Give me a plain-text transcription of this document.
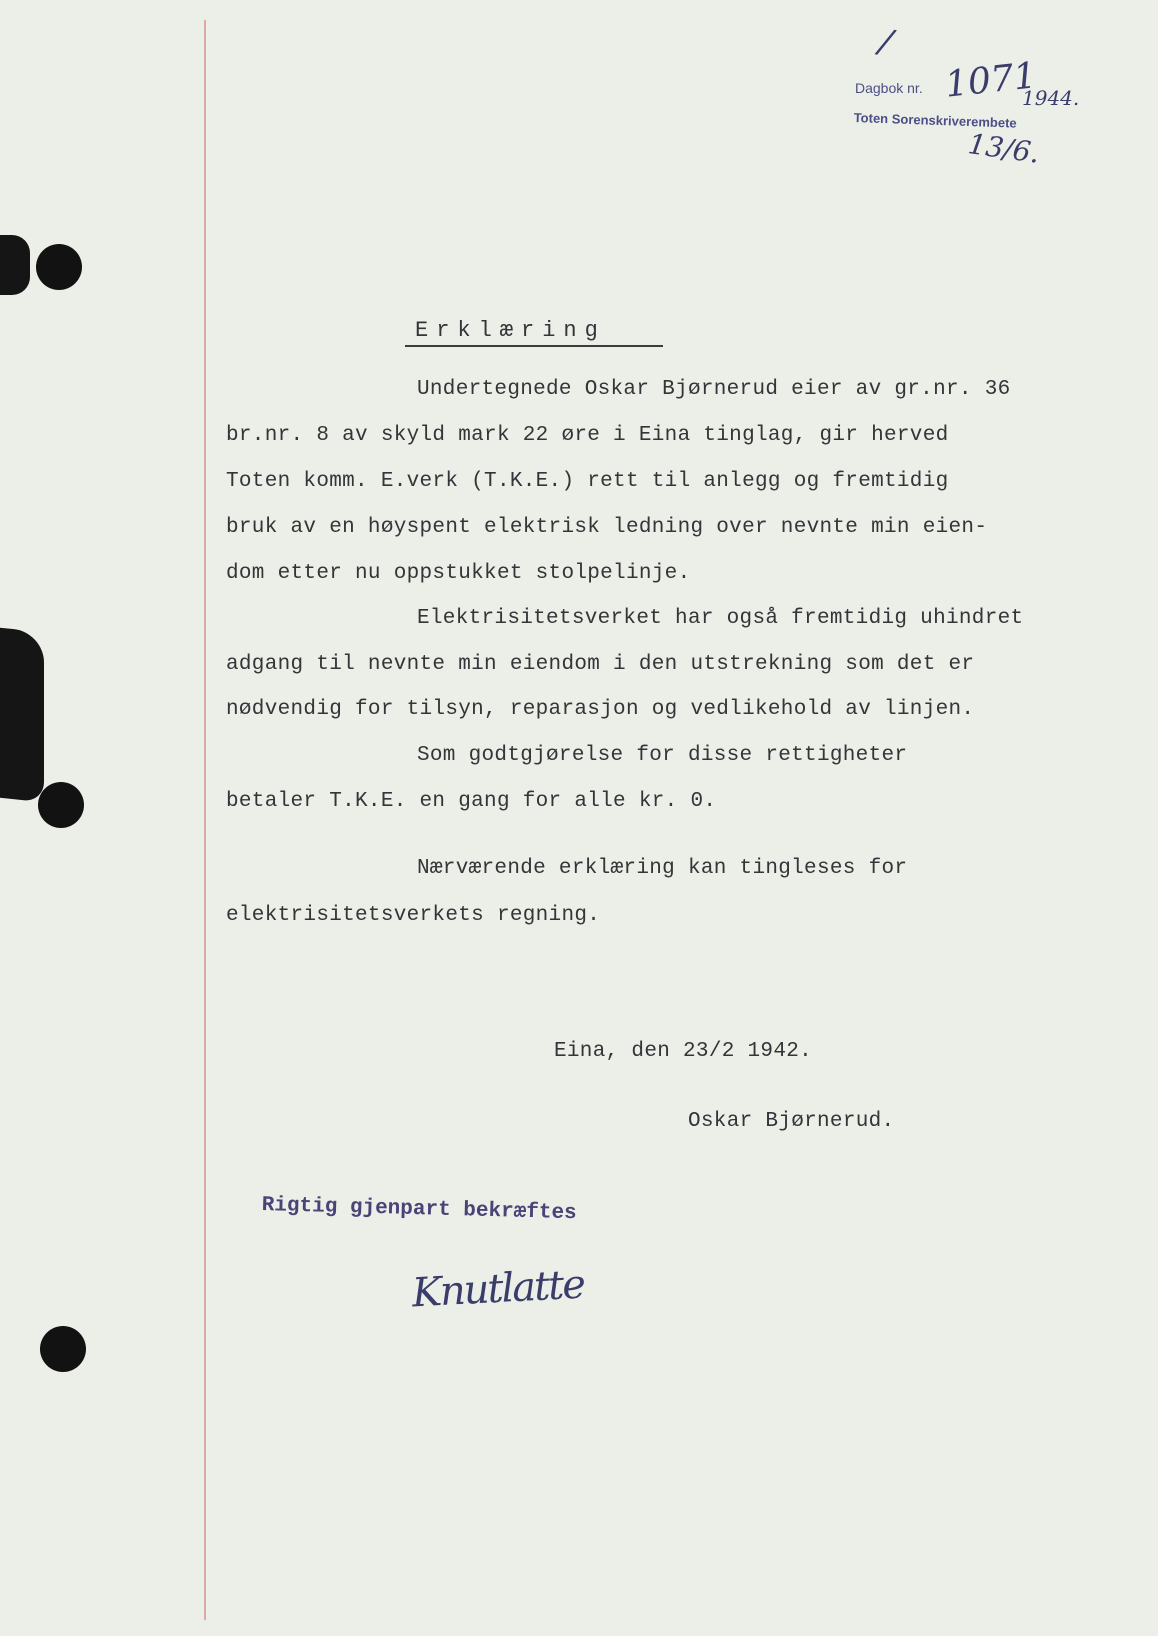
Dagbok nr. 1071
1944.
Toten Sorenskriverembete
13/6.
/
Erklæring
Undertegnede Oskar Bjørnerud eier av gr.nr. 36
br.nr. 8 av skyld mark 22 øre i Eina tinglag, gir herved
Toten komm. E.verk (T.K.E.) rett til anlegg og fremtidig
bruk av en høyspent elektrisk ledning over nevnte min eien-
dom etter nu oppstukket stolpelinje.
Elektrisitetsverket har også fremtidig uhindret
adgang til nevnte min eiendom i den utstrekning som det er
nødvendig for tilsyn, reparasjon og vedlikehold av linjen.
Som godtgjørelse for disse rettigheter
betaler T.K.E. en gang for alle kr. 0.
Nærværende erklæring kan tingleses for
elektrisitetsverkets regning.
Eina, den 23/2 1942.
Oskar Bjørnerud.
Rigtig gjenpart bekræftes
Knutlatte
